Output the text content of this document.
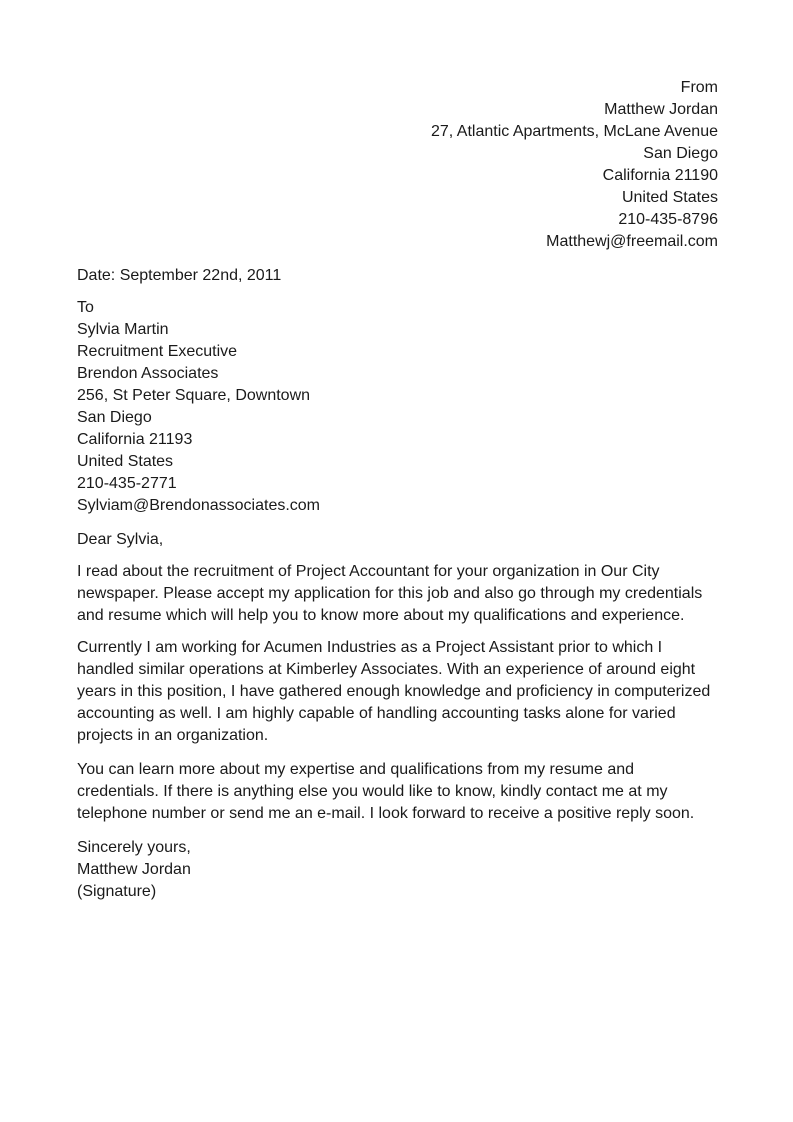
From
Matthew Jordan
27, Atlantic Apartments, McLane Avenue
San Diego
California 21190
United States
210-435-8796
Matthewj@freemail.com
Date: September 22nd, 2011
To
Sylvia Martin
Recruitment Executive
Brendon Associates
256, St Peter Square, Downtown
San Diego
California 21193
United States
210-435-2771
Sylviam@Brendonassociates.com
Dear Sylvia,
I read about the recruitment of Project Accountant for your organization in Our City
newspaper. Please accept my application for this job and also go through my credentials
and resume which will help you to know more about my qualifications and experience.
Currently I am working for Acumen Industries as a Project Assistant prior to which I
handled similar operations at Kimberley Associates. With an experience of around eight
years in this position, I have gathered enough knowledge and proficiency in computerized
accounting as well. I am highly capable of handling accounting tasks alone for varied
projects in an organization.
You can learn more about my expertise and qualifications from my resume and
credentials. If there is anything else you would like to know, kindly contact me at my
telephone number or send me an e-mail. I look forward to receive a positive reply soon.
Sincerely yours,
Matthew Jordan
(Signature)
